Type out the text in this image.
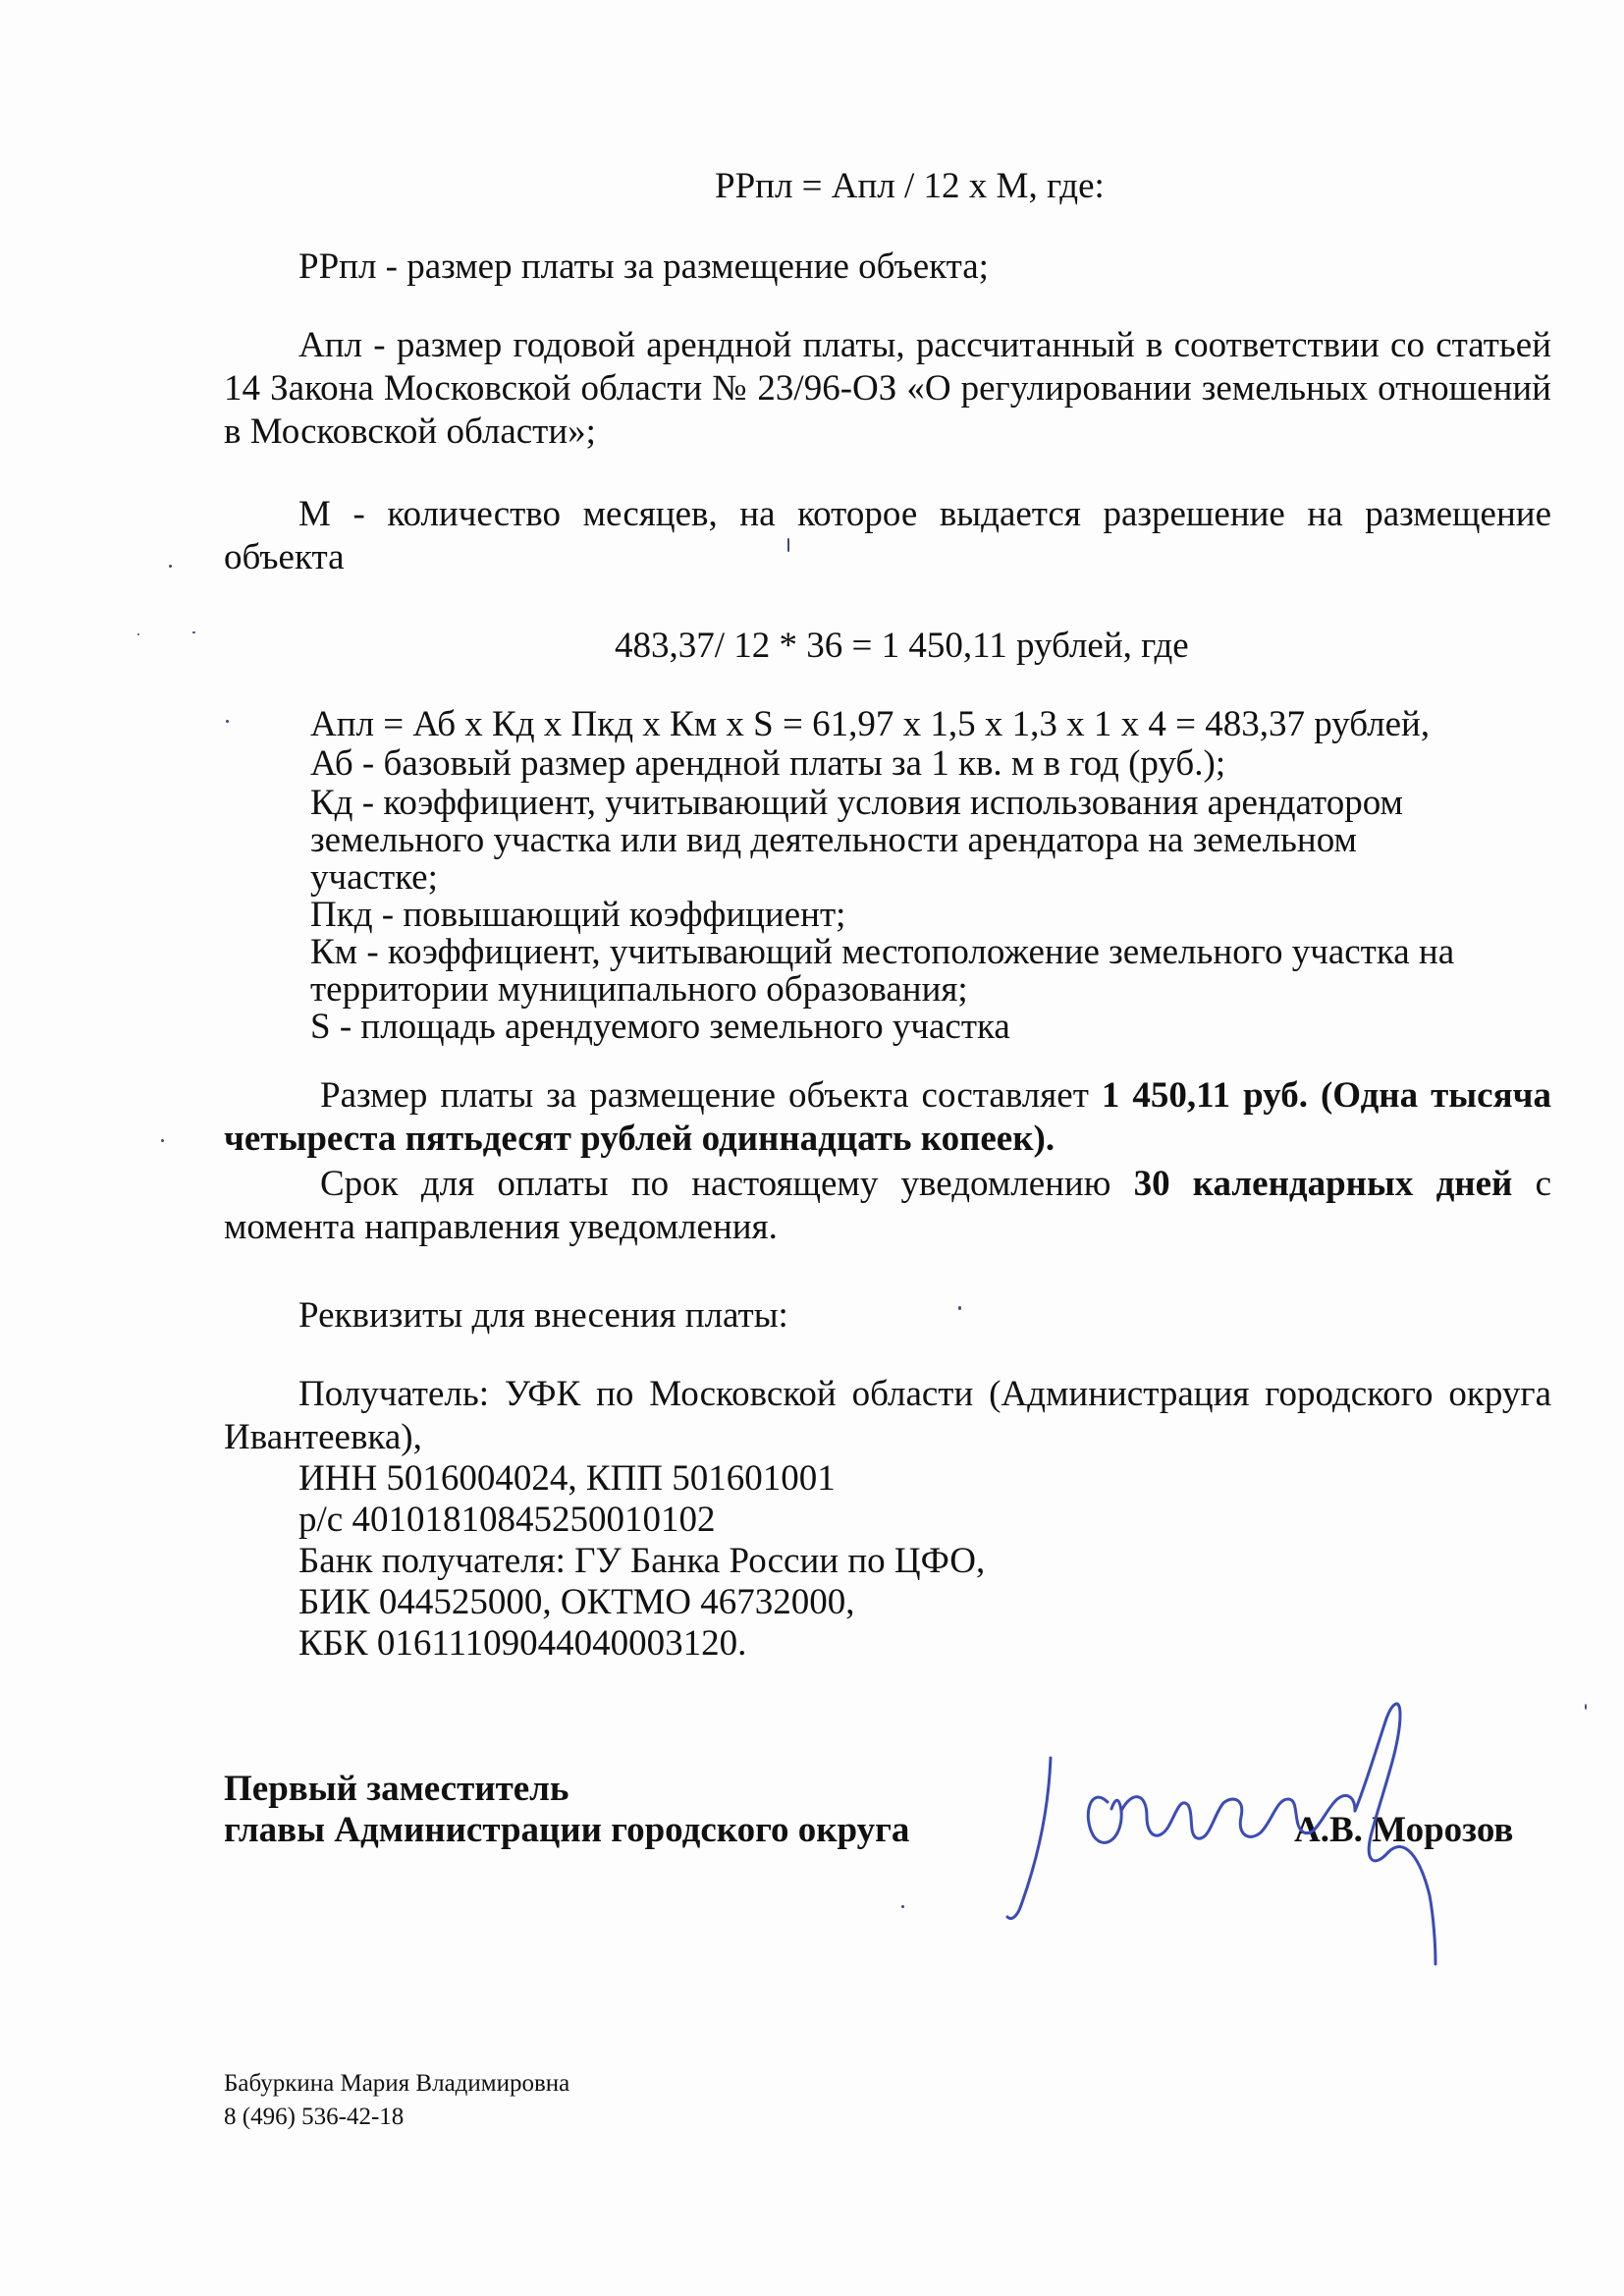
РРпл = Апл / 12 х М, где:
РРпл - размер платы за размещение объекта;
Апл - размер годовой арендной платы, рассчитанный в соответствии со статьей 14 Закона Московской области № 23/96-ОЗ «О регулировании земельных отношений в Московской области»;
М - количество месяцев, на которое выдается разрешение на размещение объекта
483,37/ 12 * 36 = 1 450,11 рублей, где
Апл = Аб х Кд х Пкд х Км х S = 61,97 х 1,5 х 1,3 х 1 х 4 = 483,37 рублей,
Аб - базовый размер арендной платы за 1 кв. м в год (руб.);
Кд - коэффициент, учитывающий условия использования арендатором
земельного участка или вид деятельности арендатора на земельном
участке;
Пкд - повышающий коэффициент;
Км - коэффициент, учитывающий местоположение земельного участка на
территории муниципального образования;
S - площадь арендуемого земельного участка
Размер платы за размещение объекта составляет 1 450,11 руб. (Одна тысяча четыреста пятьдесят рублей одиннадцать копеек).
Срок для оплаты по настоящему уведомлению 30 календарных дней с момента направления уведомления.
Реквизиты для внесения платы:
Получатель: УФК по Московской области (Администрация городского округа Ивантеевка),
ИНН 5016004024, КПП 501601001
р/с 40101810845250010102
Банк получателя: ГУ Банка России по ЦФО,
БИК 044525000, ОКТМО 46732000,
КБК 01611109044040003120.
Первый заместитель
главы Администрации городского округа	А.В. Морозов
Бабуркина Мария Владимировна
8 (496) 536-42-18
